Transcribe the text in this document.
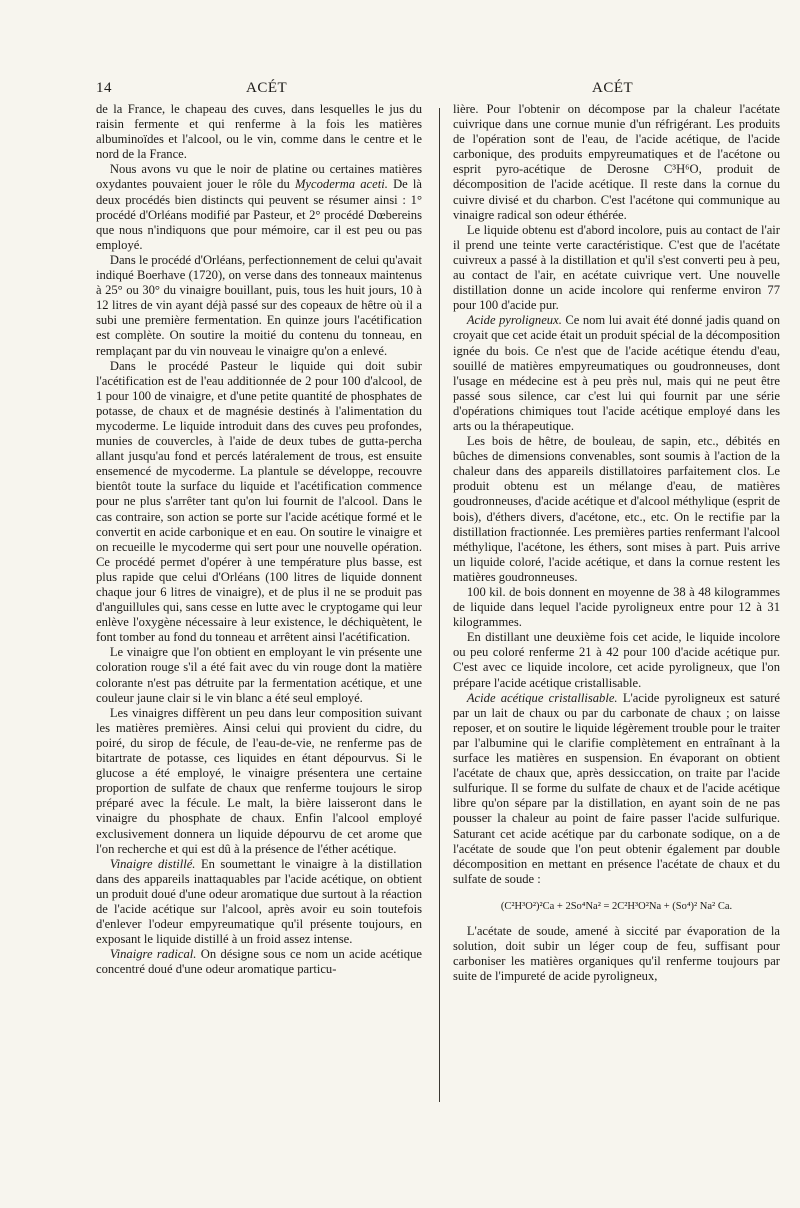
14	ACÉT	ACÉT

de la France, le chapeau des cuves, dans lesquelles le jus du raisin fermente et qui renferme à la fois les matières albuminoïdes et l'alcool, ou le vin, comme dans le centre et le nord de la France.

Nous avons vu que le noir de platine ou certaines matières oxydantes pouvaient jouer le rôle du Mycoderma aceti. De là deux procédés bien distincts qui peuvent se résumer ainsi : 1° procédé d'Orléans modifié par Pasteur, et 2° procédé Dœbereins que nous n'indiquons que pour mémoire, car il est peu ou pas employé.

Dans le procédé d'Orléans, perfectionnement de celui qu'avait indiqué Boerhave (1720), on verse dans des tonneaux maintenus à 25° ou 30° du vinaigre bouillant, puis, tous les huit jours, 10 à 12 litres de vin ayant déjà passé sur des copeaux de hêtre où il a subi une première fermentation. En quinze jours l'acétification est complète. On soutire la moitié du contenu du tonneau, en remplaçant par du vin nouveau le vinaigre qu'on a enlevé.

Dans le procédé Pasteur le liquide qui doit subir l'acétification est de l'eau additionnée de 2 pour 100 d'alcool, de 1 pour 100 de vinaigre, et d'une petite quantité de phosphates de potasse, de chaux et de magnésie destinés à l'alimentation du mycoderme. Le liquide introduit dans des cuves peu profondes, munies de couvercles, à l'aide de deux tubes de gutta-percha allant jusqu'au fond et percés latéralement de trous, est ensuite ensemencé de mycoderme. La plantule se développe, recouvre bientôt toute la surface du liquide et l'acétification commence pour ne plus s'arrêter tant qu'on lui fournit de l'alcool. Dans le cas contraire, son action se porte sur l'acide acétique formé et le convertit en acide carbonique et en eau. On soutire le vinaigre et on recueille le mycoderme qui sert pour une nouvelle opération. Ce procédé permet d'opérer à une température plus basse, est plus rapide que celui d'Orléans (100 litres de liquide donnent chaque jour 6 litres de vinaigre), et de plus il ne se produit pas d'anguillules qui, sans cesse en lutte avec le cryptogame qui leur enlève l'oxygène nécessaire à leur existence, le déchiquètent, le font tomber au fond du tonneau et arrêtent ainsi l'acétification.

Le vinaigre que l'on obtient en employant le vin présente une coloration rouge s'il a été fait avec du vin rouge dont la matière colorante n'est pas détruite par la fermentation acétique, et une couleur jaune clair si le vin blanc a été seul employé.

Les vinaigres diffèrent un peu dans leur composition suivant les matières premières. Ainsi celui qui provient du cidre, du poiré, du sirop de fécule, de l'eau-de-vie, ne renferme pas de bitartrate de potasse, ces liquides en étant dépourvus. Si le glucose a été employé, le vinaigre présentera une certaine proportion de sulfate de chaux que renferme toujours le sirop préparé avec la fécule. Le malt, la bière laisseront dans le vinaigre du phosphate de chaux. Enfin l'alcool employé exclusivement donnera un liquide dépourvu de cet arome que l'on recherche et qui est dû à la présence de l'éther acétique.

Vinaigre distillé. En soumettant le vinaigre à la distillation dans des appareils inattaquables par l'acide acétique, on obtient un produit doué d'une odeur aromatique due surtout à la réaction de l'acide acétique sur l'alcool, après avoir eu soin toutefois d'enlever l'odeur empyreumatique qu'il présente toujours, en exposant le liquide distillé à un froid assez intense.

Vinaigre radical. On désigne sous ce nom un acide acétique concentré doué d'une odeur aromatique particu-

lière. Pour l'obtenir on décompose par la chaleur l'acétate cuivrique dans une cornue munie d'un réfrigérant. Les produits de l'opération sont de l'eau, de l'acide acétique, de l'acide carbonique, des produits empyreumatiques et de l'acétone ou esprit pyro-acétique de Derosne C³H⁶O, produit de décomposition de l'acide acétique. Il reste dans la cornue du cuivre divisé et du charbon. C'est l'acétone qui communique au vinaigre radical son odeur éthérée.

Le liquide obtenu est d'abord incolore, puis au contact de l'air il prend une teinte verte caractéristique. C'est que de l'acétate cuivreux a passé à la distillation et qu'il s'est converti peu à peu, au contact de l'air, en acétate cuivrique vert. Une nouvelle distillation donne un acide incolore qui renferme environ 77 pour 100 d'acide pur.

Acide pyroligneux. Ce nom lui avait été donné jadis quand on croyait que cet acide était un produit spécial de la décomposition ignée du bois. Ce n'est que de l'acide acétique étendu d'eau, souillé de matières empyreumatiques ou goudronneuses, dont l'usage en médecine est à peu près nul, mais qui ne peut être passé sous silence, car c'est lui qui fournit par une série d'opérations chimiques tout l'acide acétique employé dans les arts ou la thérapeutique.

Les bois de hêtre, de bouleau, de sapin, etc., débités en bûches de dimensions convenables, sont soumis à l'action de la chaleur dans des appareils distillatoires parfaitement clos. Le produit obtenu est un mélange d'eau, de matières goudronneuses, d'acide acétique et d'alcool méthylique (esprit de bois), d'éthers divers, d'acétone, etc., etc. On le rectifie par la distillation fractionnée. Les premières parties renfermant l'alcool méthylique, l'acétone, les éthers, sont mises à part. Puis arrive un liquide coloré, l'acide acétique, et dans la cornue restent les matières goudronneuses.

100 kil. de bois donnent en moyenne de 38 à 48 kilogrammes de liquide dans lequel l'acide pyroligneux entre pour 12 à 31 kilogrammes.

En distillant une deuxième fois cet acide, le liquide incolore ou peu coloré renferme 21 à 42 pour 100 d'acide acétique pur. C'est avec ce liquide incolore, cet acide pyroligneux, que l'on prépare l'acide acétique cristallisable.

Acide acétique cristallisable. L'acide pyroligneux est saturé par un lait de chaux ou par du carbonate de chaux ; on laisse reposer, et on soutire le liquide légèrement trouble pour le traiter par l'albumine qui le clarifie complètement en entraînant à la surface les matières en suspension. En évaporant on obtient l'acétate de chaux que, après dessiccation, on traite par l'acide sulfurique. Il se forme du sulfate de chaux et de l'acide acétique libre qu'on sépare par la distillation, en ayant soin de ne pas pousser la chaleur au point de faire passer l'acide sulfurique. Saturant cet acide acétique par du carbonate sodique, on a de l'acétate de soude que l'on peut obtenir également par double décomposition en mettant en présence l'acétate de chaux et du sulfate de soude :

(C²H³O²)²Ca + 2So⁴Na² = 2C²H³O²Na + (So⁴)² Na² Ca.

L'acétate de soude, amené à siccité par évaporation de la solution, doit subir un léger coup de feu, suffisant pour carboniser les matières organiques qu'il renferme toujours par suite de l'impureté de acide pyroligneux,
